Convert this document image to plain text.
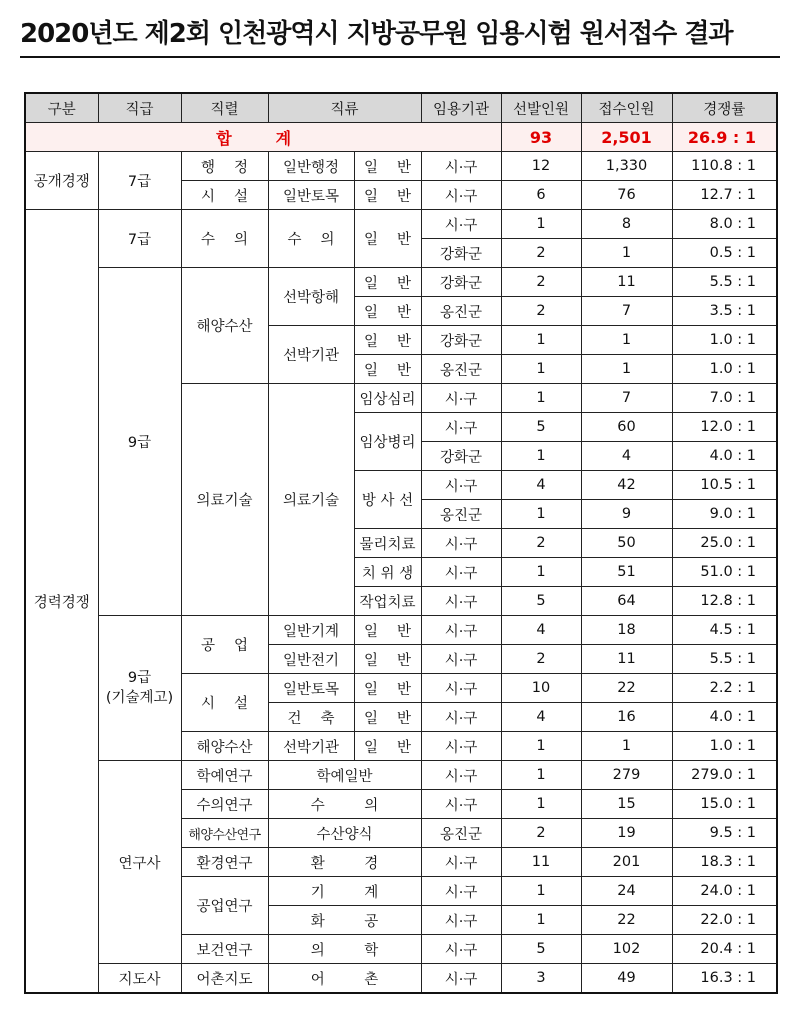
2020년도 제2회 인천광역시 지방공무원 임용시험 원서접수 결과
구분	직급	직렬	직류		임용기관	선발인원	접수인원	경쟁률
합 계						93	2,501	26.9 : 1
공개경쟁	7급	행 정	일반행정	일 반	시·구	12	1,330	110.8 : 1
		시 설	일반토목	일 반	시·구	6	76	12.7 : 1
경력경쟁	7급	수 의	수 의	일 반	시·구	1	8	8.0 : 1
					강화군	2	1	0.5 : 1
	9급	해양수산	선박항해	일 반	강화군	2	11	5.5 : 1
				일 반	옹진군	2	7	3.5 : 1
			선박기관	일 반	강화군	1	1	1.0 : 1
				일 반	옹진군	1	1	1.0 : 1
		의료기술	의료기술	임상심리	시·구	1	7	7.0 : 1
				임상병리	시·구	5	60	12.0 : 1
					강화군	1	4	4.0 : 1
				방 사 선	시·구	4	42	10.5 : 1
					옹진군	1	9	9.0 : 1
				물리치료	시·구	2	50	25.0 : 1
				치 위 생	시·구	1	51	51.0 : 1
				작업치료	시·구	5	64	12.8 : 1
	9급
(기술계고)	공 업	일반기계	일 반	시·구	4	18	4.5 : 1
			일반전기	일 반	시·구	2	11	5.5 : 1
		시 설	일반토목	일 반	시·구	10	22	2.2 : 1
			건 축	일 반	시·구	4	16	4.0 : 1
		해양수산	선박기관	일 반	시·구	1	1	1.0 : 1
	연구사	학예연구	학예일반		시·구	1	279	279.0 : 1
		수의연구	수 의		시·구	1	15	15.0 : 1
		해양수산연구	수산양식		옹진군	2	19	9.5 : 1
		환경연구	환 경		시·구	11	201	18.3 : 1
		공업연구	기 계		시·구	1	24	24.0 : 1
			화 공		시·구	1	22	22.0 : 1
		보건연구	의 학		시·구	5	102	20.4 : 1
	지도사	어촌지도	어 촌		시·구	3	49	16.3 : 1
